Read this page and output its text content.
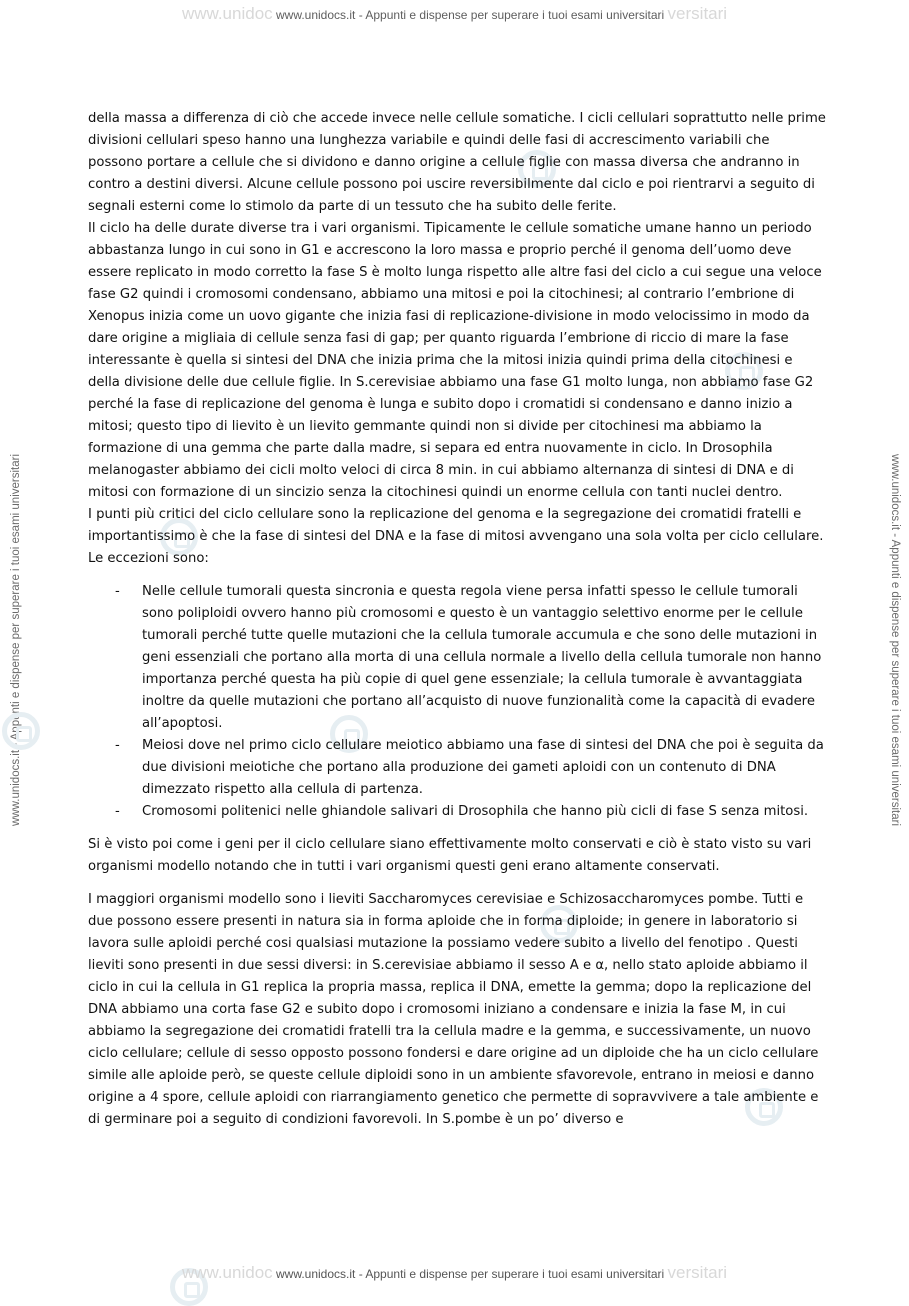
www.unidoc www.unidocs.it - Appunti e dispense per superare i tuoi esami universitari versitari
www.unidocs.it - Appunti e dispense per superare i tuoi esami universitari	www.unidocs.it - Appunti e dispense per superare i tuoi esami universitari

della massa a differenza di ciò che accede invece nelle cellule somatiche. I cicli cellulari soprattutto nelle prime divisioni cellulari speso hanno una lunghezza variabile e quindi delle fasi di accrescimento variabili che possono portare a cellule che si dividono e danno origine a cellule figlie con massa diversa che andranno in contro a destini diversi. Alcune cellule possono poi uscire reversibilmente dal ciclo e poi rientrarvi a seguito di segnali esterni come lo stimolo da parte di un tessuto che ha subito delle ferite.

Il ciclo ha delle durate diverse tra i vari organismi. Tipicamente le cellule somatiche umane hanno un periodo abbastanza lungo in cui sono in G1 e accrescono la loro massa e proprio perché il genoma dell’uomo deve essere replicato in modo corretto la fase S è molto lunga rispetto alle altre fasi del ciclo a cui segue una veloce fase G2 quindi i cromosomi condensano, abbiamo una mitosi e poi la citochinesi; al contrario l’embrione di Xenopus inizia come un uovo gigante che inizia fasi di replicazione-divisione in modo velocissimo in modo da dare origine a migliaia di cellule senza fasi di gap; per quanto riguarda l’embrione di riccio di mare la fase interessante è quella si sintesi del DNA che inizia prima che la mitosi inizia quindi prima della citochinesi e della divisione delle due cellule figlie. In S.cerevisiae abbiamo una fase G1 molto lunga, non abbiamo fase G2 perché la fase di replicazione del genoma è lunga e subito dopo i cromatidi si condensano e danno inizio a mitosi; questo tipo di lievito è un lievito gemmante quindi non si divide per citochinesi ma abbiamo la formazione di una gemma che parte dalla madre, si separa ed entra nuovamente in ciclo. In Drosophila melanogaster abbiamo dei cicli molto veloci di circa 8 min. in cui abbiamo alternanza di sintesi di DNA e di mitosi con formazione di un sincizio senza la citochinesi quindi un enorme cellula con tanti nuclei dentro.

I punti più critici del ciclo cellulare sono la replicazione del genoma e la segregazione dei cromatidi fratelli e importantissimo è che la fase di sintesi del DNA e la fase di mitosi avvengano una sola volta per ciclo cellulare. Le eccezioni sono:

- Nelle cellule tumorali questa sincronia e questa regola viene persa infatti spesso le cellule tumorali sono poliploidi ovvero hanno più cromosomi e questo è un vantaggio selettivo enorme per le cellule tumorali perché tutte quelle mutazioni che la cellula tumorale accumula e che sono delle mutazioni in geni essenziali che portano alla morta di una cellula normale a livello della cellula tumorale non hanno importanza perché questa ha più copie di quel gene essenziale; la cellula tumorale è avvantaggiata inoltre da quelle mutazioni che portano all’acquisto di nuove funzionalità come la capacità di evadere all’apoptosi.
- Meiosi dove nel primo ciclo cellulare meiotico abbiamo una fase di sintesi del DNA che poi è seguita da due divisioni meiotiche che portano alla produzione dei gameti aploidi con un contenuto di DNA dimezzato rispetto alla cellula di partenza.
- Cromosomi politenici nelle ghiandole salivari di Drosophila che hanno più cicli di fase S senza mitosi.

Si è visto poi come i geni per il ciclo cellulare siano effettivamente molto conservati e ciò è stato visto su vari organismi modello notando che in tutti i vari organismi questi geni erano altamente conservati.

I maggiori organismi modello sono i lieviti Saccharomyces cerevisiae e Schizosaccharomyces pombe. Tutti e due possono essere presenti in natura sia in forma aploide che in forma diploide; in genere in laboratorio si lavora sulle aploidi perché cosi qualsiasi mutazione la possiamo vedere subito a livello del fenotipo . Questi lieviti sono presenti in due sessi diversi: in S.cerevisiae abbiamo il sesso A e α, nello stato aploide abbiamo il ciclo in cui la cellula in G1 replica la propria massa, replica il DNA, emette la gemma; dopo la replicazione del DNA abbiamo una corta fase G2 e subito dopo i cromosomi iniziano a condensare e inizia la fase M, in cui abbiamo la segregazione dei cromatidi fratelli tra la cellula madre e la gemma, e successivamente, un nuovo ciclo cellulare; cellule di sesso opposto possono fondersi e dare origine ad un diploide che ha un ciclo cellulare simile alle aploide però, se queste cellule diploidi sono in un ambiente sfavorevole, entrano in meiosi e danno origine a 4 spore, cellule aploidi con riarrangiamento genetico che permette di sopravvivere a tale ambiente e di germinare poi a seguito di condizioni favorevoli. In S.pombe è un po’ diverso e

www.unidoc www.unidocs.it - Appunti e dispense per superare i tuoi esami universitari versitari
